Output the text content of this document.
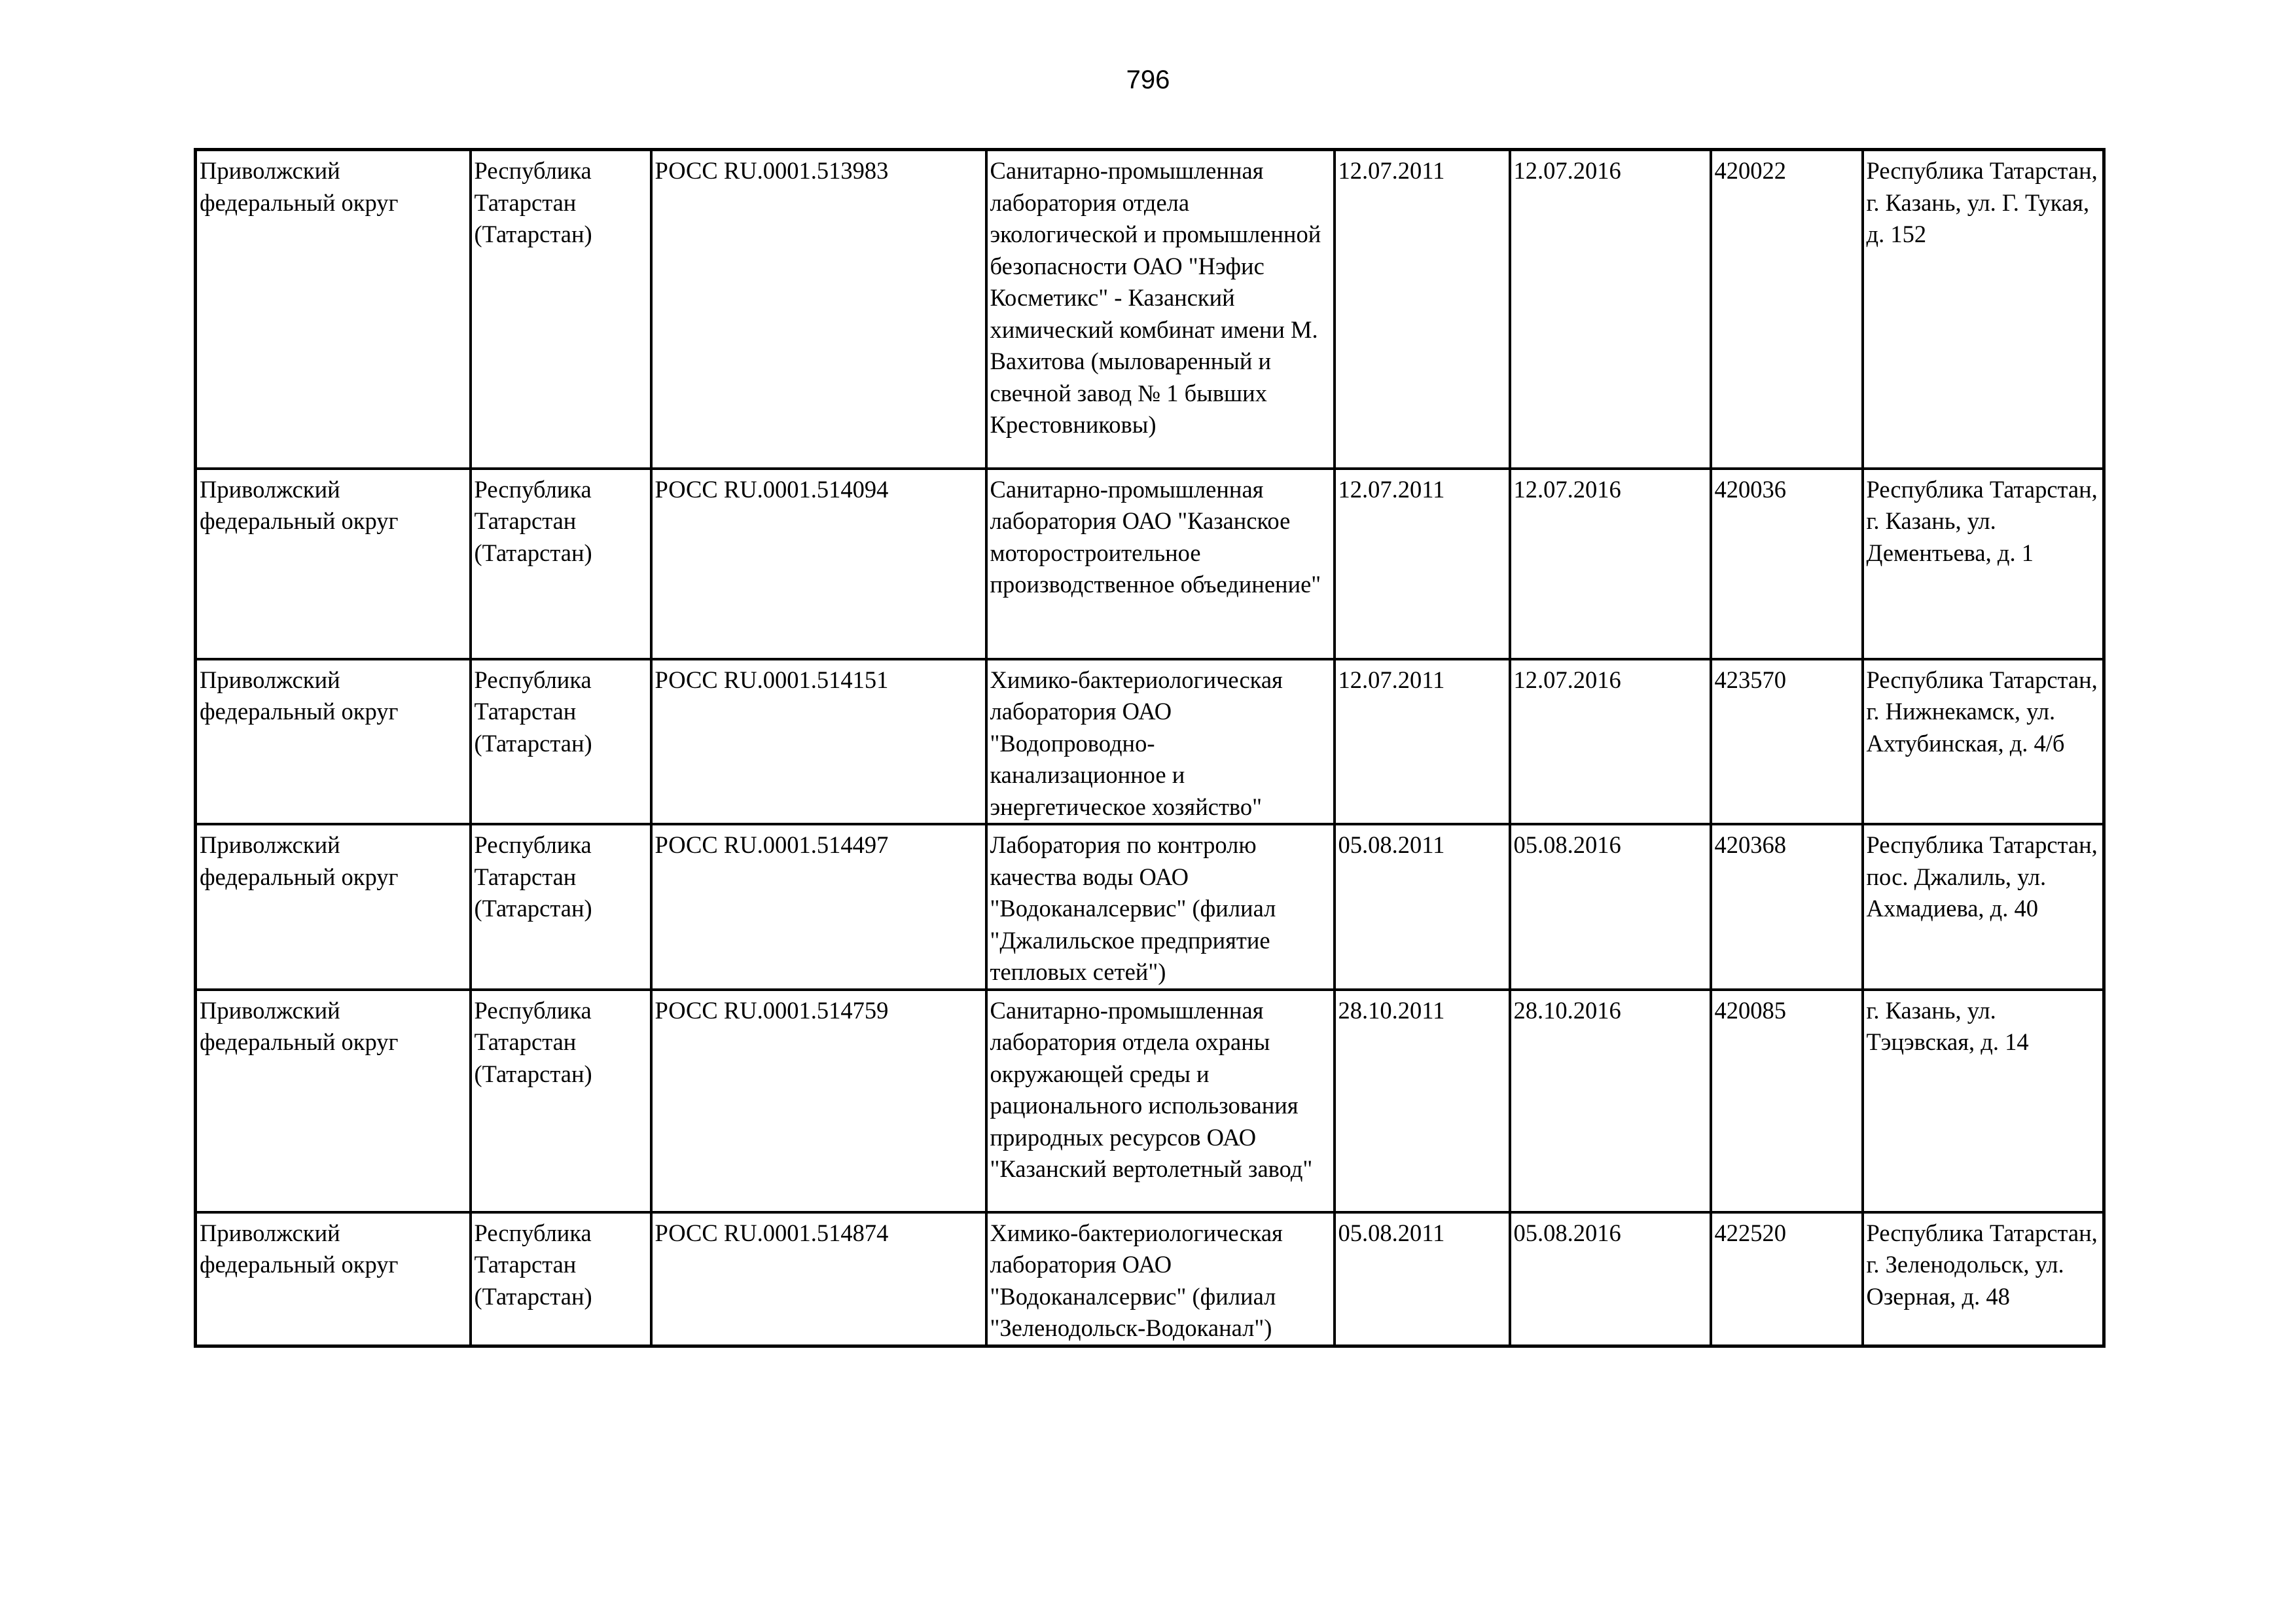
796
Приволжский федеральный округ	Республика Татарстан (Татарстан)	РОСС RU.0001.513983	Санитарно-промышленная лаборатория отдела экологической и промышленной безопасности ОАО "Нэфис Косметикс" - Казанский химический комбинат имени М. Вахитова (мыловаренный и свечной завод № 1 бывших Крестовниковы)	12.07.2011	12.07.2016	420022	Республика Татарстан, г. Казань, ул. Г. Тукая, д. 152
Приволжский федеральный округ	Республика Татарстан (Татарстан)	РОСС RU.0001.514094	Санитарно-промышленная лаборатория ОАО "Казанское моторостроительное производственное объединение"	12.07.2011	12.07.2016	420036	Республика Татарстан, г. Казань, ул. Дементьева, д. 1
Приволжский федеральный округ	Республика Татарстан (Татарстан)	РОСС RU.0001.514151	Химико-бактериологическая лаборатория ОАО "Водопроводно-канализационное и энергетическое хозяйство"	12.07.2011	12.07.2016	423570	Республика Татарстан, г. Нижнекамск, ул. Ахтубинская, д. 4/б
Приволжский федеральный округ	Республика Татарстан (Татарстан)	РОСС RU.0001.514497	Лаборатория по контролю качества воды ОАО "Водоканалсервис" (филиал "Джалильское предприятие тепловых сетей")	05.08.2011	05.08.2016	420368	Республика Татарстан, пос. Джалиль, ул. Ахмадиева, д. 40
Приволжский федеральный округ	Республика Татарстан (Татарстан)	РОСС RU.0001.514759	Санитарно-промышленная лаборатория отдела охраны окружающей среды и рационального использования природных ресурсов ОАО "Казанский вертолетный завод"	28.10.2011	28.10.2016	420085	г. Казань, ул. Тэцэвская, д. 14
Приволжский федеральный округ	Республика Татарстан (Татарстан)	РОСС RU.0001.514874	Химико-бактериологическая лаборатория ОАО "Водоканалсервис" (филиал "Зеленодольск-Водоканал")	05.08.2011	05.08.2016	422520	Республика Татарстан, г. Зеленодольск, ул. Озерная, д. 48
